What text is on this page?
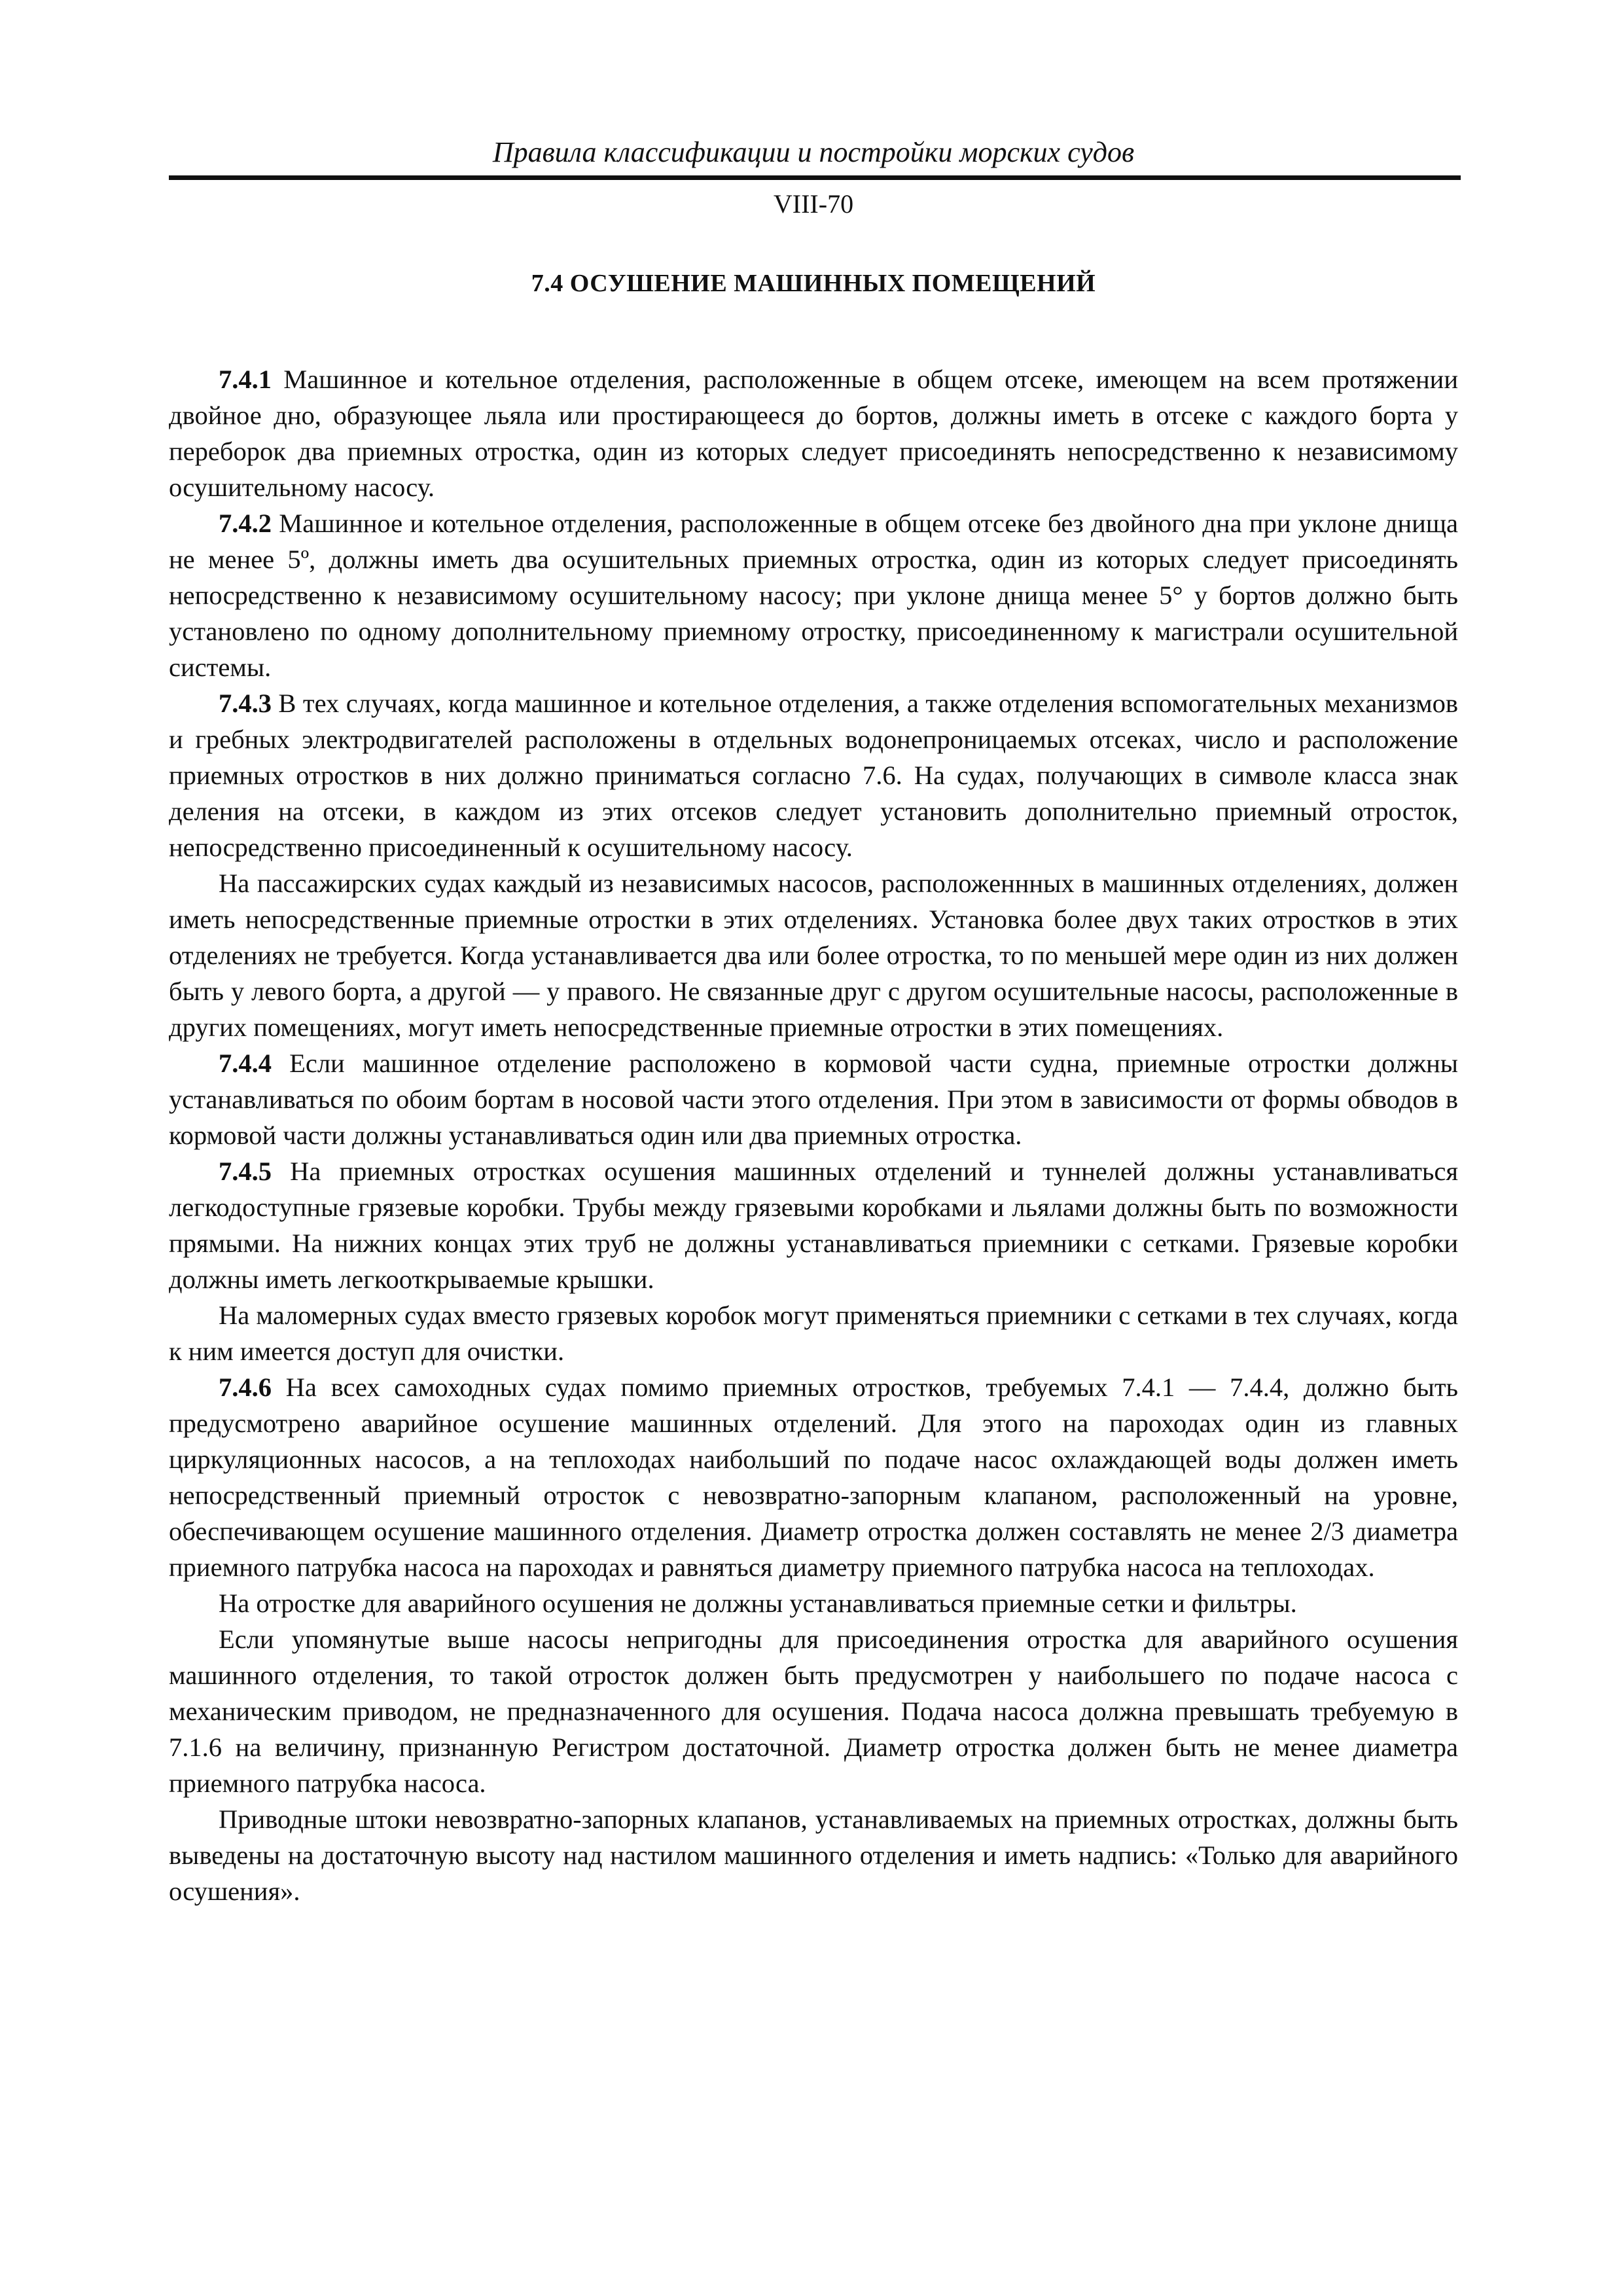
Правила классификации и постройки морских судов
VIII-70
7.4 ОСУШЕНИЕ МАШИННЫХ ПОМЕЩЕНИЙ

7.4.1 Машинное и котельное отделения, расположенные в общем отсеке, имеющем на всем протяжении двойное дно, образующее льяла или простирающееся до бортов, должны иметь в отсеке с каждого борта у переборок два приемных отростка, один из которых следует присоединять непосредственно к независимому осушительному насосу.

7.4.2 Машинное и котельное отделения, расположенные в общем отсеке без двойного дна при уклоне днища не менее 5º, должны иметь два осушительных приемных отростка, один из которых следует присоединять непосредственно к независимому осушительному насосу; при уклоне днища менее 5° у бортов должно быть установлено по одному дополнительному приемному отростку, присоединенному к магистрали осушительной системы.

7.4.3 В тех случаях, когда машинное и котельное отделения, а также отделения вспомогательных механизмов и гребных электродвигателей расположены в отдельных водонепроницаемых отсеках, число и расположение приемных отростков в них должно приниматься согласно 7.6. На судах, получающих в символе класса знак деления на отсеки, в каждом из этих отсеков следует установить дополнительно приемный отросток, непосредственно присоединенный к осушительному насосу.

На пассажирских судах каждый из независимых насосов, расположеннных в машинных отделениях, должен иметь непосредственные приемные отростки в этих отделениях. Установка более двух таких отростков в этих отделениях не требуется. Когда устанавливается два или более отростка, то по меньшей мере один из них должен быть у левого борта, а другой — у правого. Не связанные друг с другом осушительные насосы, расположенные в других помещениях, могут иметь непосредственные приемные отростки в этих помещениях.

7.4.4 Если машинное отделение расположено в кормовой части судна, приемные отростки должны устанавливаться по обоим бортам в носовой части этого отделения. При этом в зависимости от формы обводов в кормовой части должны устанавливаться один или два приемных отростка.

7.4.5 На приемных отростках осушения машинных отделений и туннелей должны устанавливаться легкодоступные грязевые коробки. Трубы между грязевыми коробками и льялами должны быть по возможности прямыми. На нижних концах этих труб не должны устанавливаться приемники с сетками. Грязевые коробки должны иметь легкооткрываемые крышки.

На маломерных судах вместо грязевых коробок могут применяться приемники с сетками в тех случаях, когда к ним имеется доступ для очистки.

7.4.6 На всех самоходных судах помимо приемных отростков, требуемых 7.4.1 — 7.4.4, должно быть предусмотрено аварийное осушение машинных отделений. Для этого на пароходах один из главных циркуляционных насосов, а на теплоходах наибольший по подаче насос охлаждающей воды должен иметь непосредственный приемный отросток с невозвратно-запорным клапаном, расположенный на уровне, обеспечивающем осушение машинного отделения. Диаметр отростка должен составлять не менее 2/3 диаметра приемного патрубка насоса на пароходах и равняться диаметру приемного патрубка насоса на теплоходах.

На отростке для аварийного осушения не должны устанавливаться приемные сетки и фильтры.

Если упомянутые выше насосы непригодны для присоединения отростка для аварийного осушения машинного отделения, то такой отросток должен быть предусмотрен у наибольшего по подаче насоса с механическим приводом, не предназначенного для осушения. Подача насоса должна превышать требуемую в 7.1.6 на величину, признанную Регистром достаточной. Диаметр отростка должен быть не менее диаметра приемного патрубка насоса.

Приводные штоки невозвратно-запорных клапанов, устанавливаемых на приемных отростках, должны быть выведены на достаточную высоту над настилом машинного отделения и иметь надпись: «Только для аварийного осушения».
